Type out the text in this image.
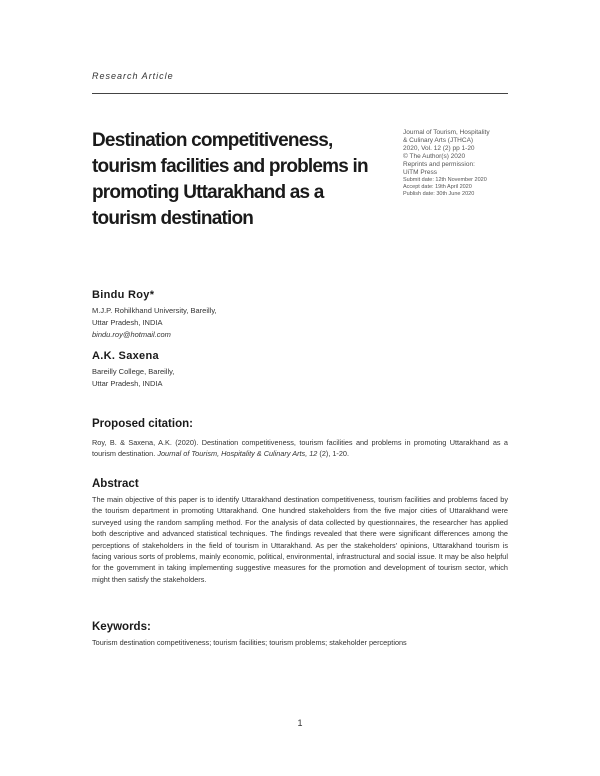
Research Article
Destination competitiveness,
tourism facilities and problems in
promoting Uttarakhand as a
tourism destination
Journal of Tourism, Hospitality
& Culinary Arts (JTHCA)
2020, Vol. 12 (2) pp 1-20
© The Author(s) 2020
Reprints and permission:
UiTM Press
Submit date: 12th November 2020
Accept date: 19th April 2020
Publish date: 30th June 2020
Bindu Roy*
M.J.P. Rohilkhand University, Bareilly,
Uttar Pradesh, INDIA
bindu.roy@hotmail.com
A.K. Saxena
Bareilly College, Bareilly,
Uttar Pradesh, INDIA
Proposed citation:
Roy, B. & Saxena, A.K. (2020). Destination competitiveness, tourism facilities and problems in promoting Uttarakhand as a tourism destination. Journal of Tourism, Hospitality & Culinary Arts, 12 (2), 1-20.
Abstract
The main objective of this paper is to identify Uttarakhand destination competitiveness, tourism facilities and problems faced by the tourism department in promoting Uttarakhand. One hundred stakeholders from the five major cities of Uttarakhand were surveyed using the random sampling method. For the analysis of data collected by questionnaires, the researcher has applied both descriptive and advanced statistical techniques. The findings revealed that there were significant differences among the perceptions of stakeholders in the field of tourism in Uttarakhand. As per the stakeholders' opinions, Uttarakhand tourism is facing various sorts of problems, mainly economic, political, environmental, infrastructural and social issue. It may be also helpful for the government in taking implementing suggestive measures for the promotion and development of tourism sector, which might then satisfy the stakeholders.
Keywords:
Tourism destination competitiveness; tourism facilities; tourism problems; stakeholder perceptions
1
